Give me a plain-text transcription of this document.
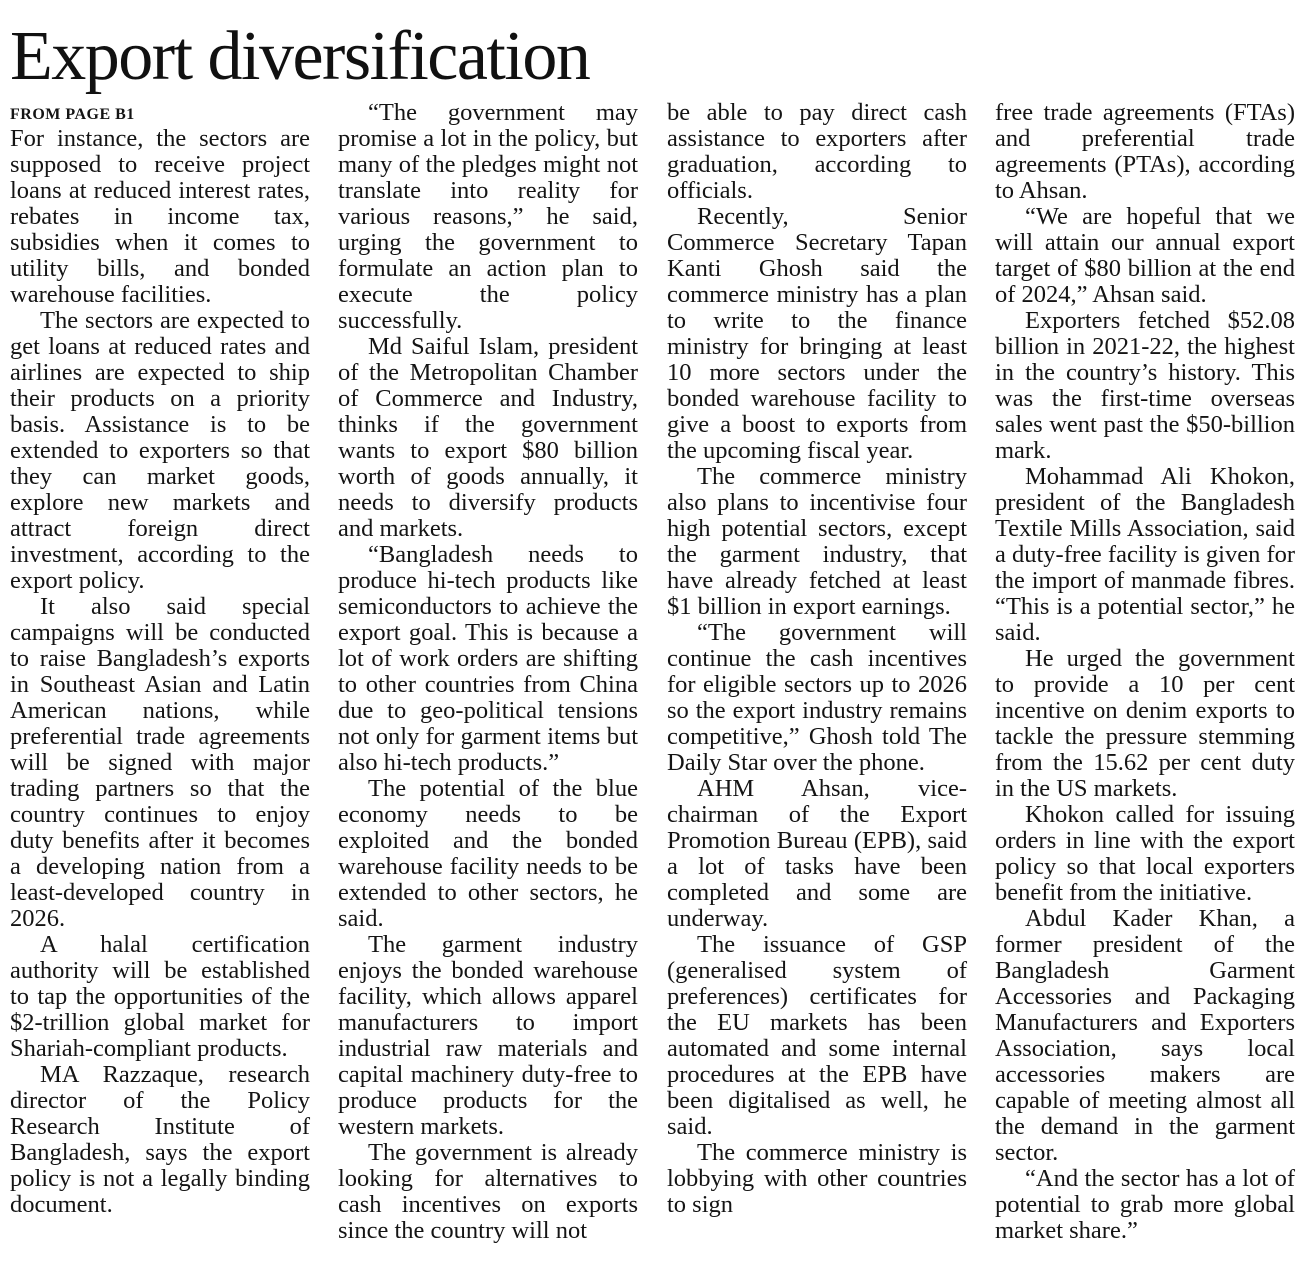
Export diversification
FROM PAGE B1

For instance, the sectors are supposed to receive project loans at reduced interest rates, rebates in income tax, subsidies when it comes to utility bills, and bonded warehouse facilities.

The sectors are expected to get loans at reduced rates and airlines are expected to ship their products on a priority basis. Assistance is to be extended to exporters so that they can market goods, explore new markets and attract foreign direct investment, according to the export policy.

It also said special campaigns will be conducted to raise Bangladesh’s exports in Southeast Asian and Latin American nations, while preferential trade agreements will be signed with major trading partners so that the country continues to enjoy duty benefits after it becomes a developing nation from a least-developed country in 2026.

A halal certification authority will be established to tap the opportunities of the $2-trillion global market for Shariah-compliant products.

MA Razzaque, research director of the Policy Research Institute of Bangladesh, says the export policy is not a legally binding document.

“The government may promise a lot in the policy, but many of the pledges might not translate into reality for various reasons,” he said, urging the government to formulate an action plan to execute the policy successfully.

Md Saiful Islam, president of the Metropolitan Chamber of Commerce and Industry, thinks if the government wants to export $80 billion worth of goods annually, it needs to diversify products and markets.

“Bangladesh needs to produce hi-tech products like semiconductors to achieve the export goal. This is because a lot of work orders are shifting to other countries from China due to geo-political tensions not only for garment items but also hi-tech products.”

The potential of the blue economy needs to be exploited and the bonded warehouse facility needs to be extended to other sectors, he said.

The garment industry enjoys the bonded warehouse facility, which allows apparel manufacturers to import industrial raw materials and capital machinery duty-free to produce products for the western markets.

The government is already looking for alternatives to cash incentives on exports since the country will not

be able to pay direct cash assistance to exporters after graduation, according to officials.

Recently, Senior Commerce Secretary Tapan Kanti Ghosh said the commerce ministry has a plan to write to the finance ministry for bringing at least 10 more sectors under the bonded warehouse facility to give a boost to exports from the upcoming fiscal year.

The commerce ministry also plans to incentivise four high potential sectors, except the garment industry, that have already fetched at least $1 billion in export earnings.

“The government will continue the cash incentives for eligible sectors up to 2026 so the export industry remains competitive,” Ghosh told The Daily Star over the phone.

AHM Ahsan, vice-chairman of the Export Promotion Bureau (EPB), said a lot of tasks have been completed and some are underway.

The issuance of GSP (generalised system of preferences) certificates for the EU markets has been automated and some internal procedures at the EPB have been digitalised as well, he said.

The commerce ministry is lobbying with other countries to sign

free trade agreements (FTAs) and preferential trade agreements (PTAs), according to Ahsan.

“We are hopeful that we will attain our annual export target of $80 billion at the end of 2024,” Ahsan said.

Exporters fetched $52.08 billion in 2021-22, the highest in the country’s history. This was the first-time overseas sales went past the $50-billion mark.

Mohammad Ali Khokon, president of the Bangladesh Textile Mills Association, said a duty-free facility is given for the import of manmade fibres. “This is a potential sector,” he said.

He urged the government to provide a 10 per cent incentive on denim exports to tackle the pressure stemming from the 15.62 per cent duty in the US markets.

Khokon called for issuing orders in line with the export policy so that local exporters benefit from the initiative.

Abdul Kader Khan, a former president of the Bangladesh Garment Accessories and Packaging Manufacturers and Exporters Association, says local accessories makers are capable of meeting almost all the demand in the garment sector.

“And the sector has a lot of potential to grab more global market share.”
